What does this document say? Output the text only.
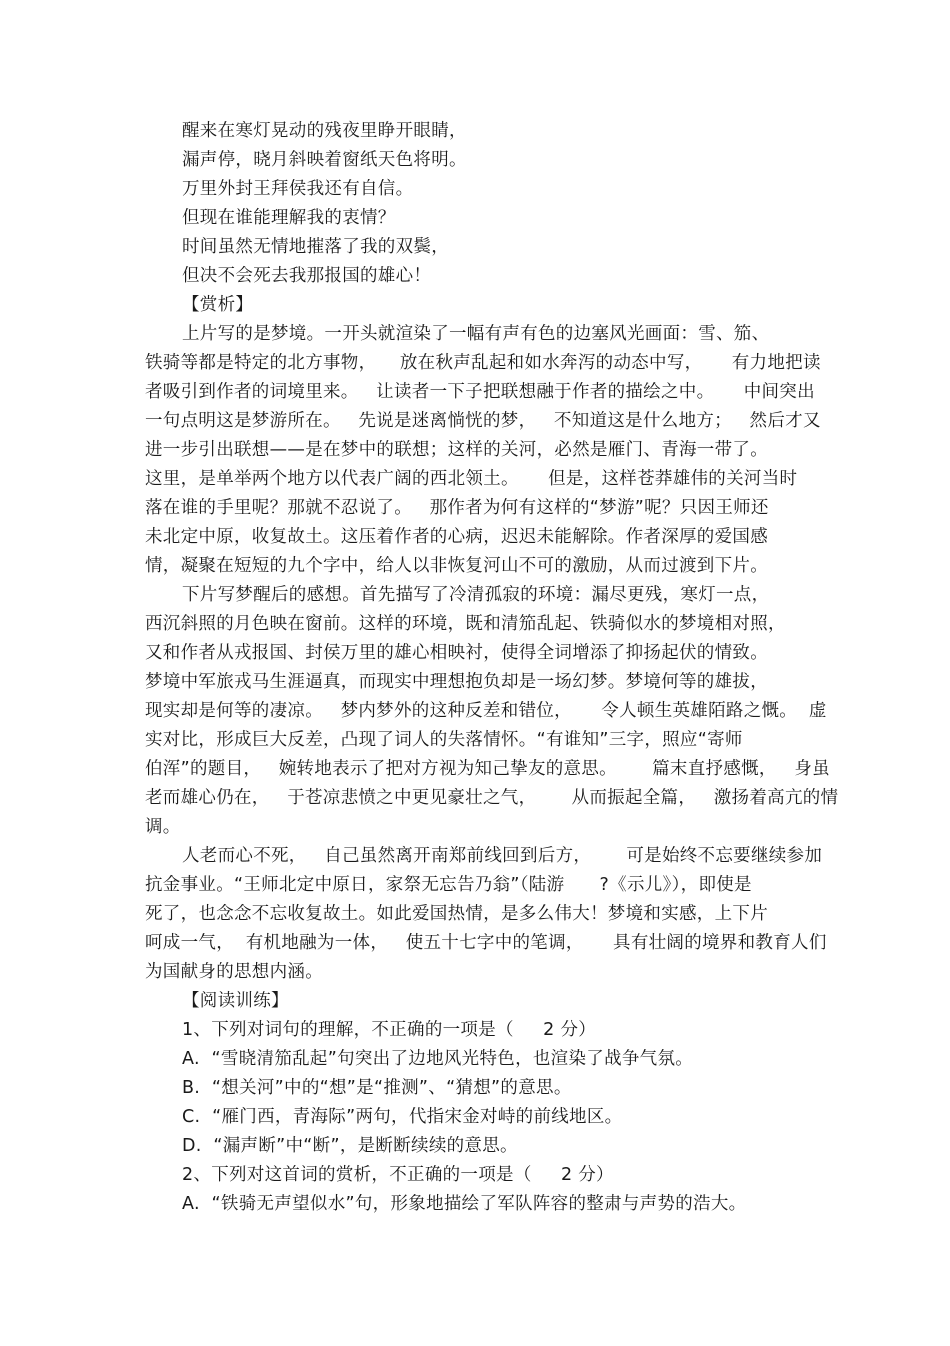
醒来在寒灯晃动的残夜里睁开眼睛，
漏声停，晓月斜映着窗纸天色将明。
万里外封王拜侯我还有自信。
但现在谁能理解我的衷情？
时间虽然无情地摧落了我的双鬓，
但决不会死去我那报国的雄心！
【赏析】
上片写的是梦境。一开头就渲染了一幅有声有色的边塞风光画面：雪、笳、
铁骑等都是特定的北方事物，    放在秋声乱起和如水奔泻的动态中写，     有力地把读
者吸引到作者的词境里来。   让读者一下子把联想融于作者的描绘之中。     中间突出
一句点明这是梦游所在。   先说是迷离惝恍的梦，   不知道这是什么地方；   然后才又
进一步引出联想——是在梦中的联想；这样的关河，必然是雁门、青海一带了。
这里，是单举两个地方以代表广阔的西北领土。     但是，这样苍莽雄伟的关河当时
落在谁的手里呢？那就不忍说了。   那作者为何有这样的“梦游”呢？只因王师还
未北定中原，收复故土。这压着作者的心病，迟迟未能解除。作者深厚的爱国感
情，凝聚在短短的九个字中，给人以非恢复河山不可的激励，从而过渡到下片。
下片写梦醒后的感想。首先描写了冷清孤寂的环境：漏尽更残，寒灯一点，
西沉斜照的月色映在窗前。这样的环境，既和清笳乱起、铁骑似水的梦境相对照，
又和作者从戎报国、封侯万里的雄心相映衬，使得全词增添了抑扬起伏的情致。
梦境中军旅戎马生涯逼真，而现实中理想抱负却是一场幻梦。梦境何等的雄拔，
现实却是何等的凄凉。   梦内梦外的这种反差和错位，     令人顿生英雄陌路之慨。  虚
实对比，形成巨大反差，凸现了词人的失落情怀。“有谁知”三字，照应“寄师
伯浑”的题目，   婉转地表示了把对方视为知己挚友的意思。      篇末直抒感慨，   身虽
老而雄心仍在，   于苍凉悲愤之中更见豪壮之气，      从而振起全篇，   激扬着高亢的情
调。
人老而心不死，   自己虽然离开南郑前线回到后方，      可是始终不忘要继续参加
抗金事业。“王师北定中原日，家祭无忘告乃翁”（陆游      ?《示儿》），即使是
死了，也念念不忘收复故土。如此爱国热情，是多么伟大！梦境和实感，上下片
呵成一气，  有机地融为一体，   使五十七字中的笔调，     具有壮阔的境界和教育人们
为国献身的思想内涵。
【阅读训练】
1、下列对词句的理解，不正确的一项是（     2 分）
A.  “雪晓清笳乱起”句突出了边地风光特色，也渲染了战争气氛。
B.  “想关河”中的“想”是“推测”、“猜想”的意思。
C.  “雁门西，青海际”两句，代指宋金对峙的前线地区。
D.  “漏声断”中“断”，是断断续续的意思。
2、下列对这首词的赏析，不正确的一项是（     2 分）
A.  “铁骑无声望似水”句，形象地描绘了军队阵容的整肃与声势的浩大。
